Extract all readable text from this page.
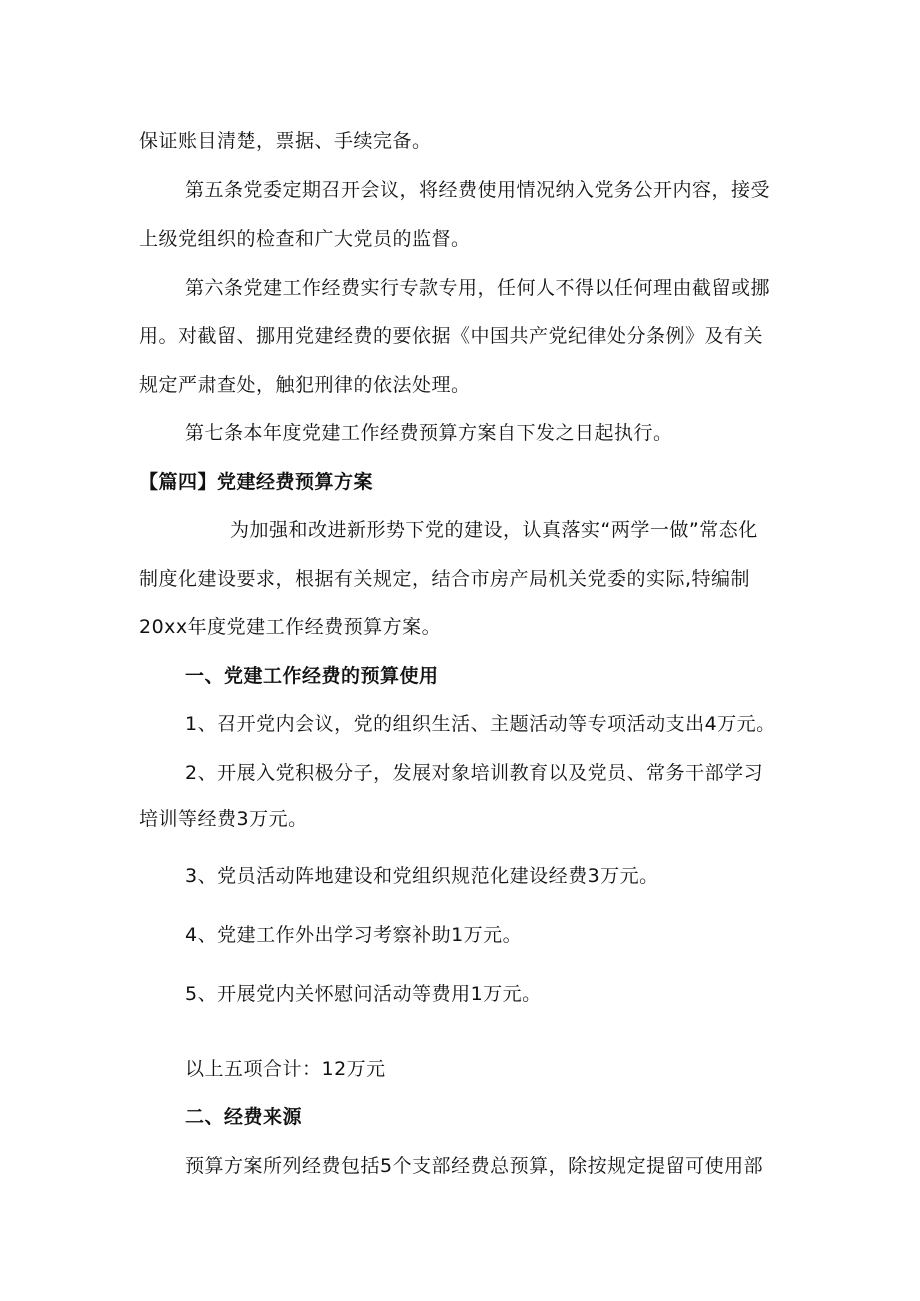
保证账目清楚，票据、手续完备。
第五条党委定期召开会议，将经费使用情况纳入党务公开内容，接受
上级党组织的检查和广大党员的监督。
第六条党建工作经费实行专款专用，任何人不得以任何理由截留或挪
用。对截留、挪用党建经费的要依据《中国共产党纪律处分条例》及有关
规定严肃查处，触犯刑律的依法处理。
第七条本年度党建工作经费预算方案自下发之日起执行。
【篇四】党建经费预算方案
为加强和改进新形势下党的建设，认真落实“两学一做”常态化
制度化建设要求，根据有关规定，结合市房产局机关党委的实际,特编制
20xx年度党建工作经费预算方案。
一、党建工作经费的预算使用
1、召开党内会议，党的组织生活、主题活动等专项活动支出4万元。
2、开展入党积极分子，发展对象培训教育以及党员、常务干部学习
培训等经费3万元。
3、党员活动阵地建设和党组织规范化建设经费3万元。
4、党建工作外出学习考察补助1万元。
5、开展党内关怀慰问活动等费用1万元。
以上五项合计：12万元
二、经费来源
预算方案所列经费包括5个支部经费总预算，除按规定提留可使用部
